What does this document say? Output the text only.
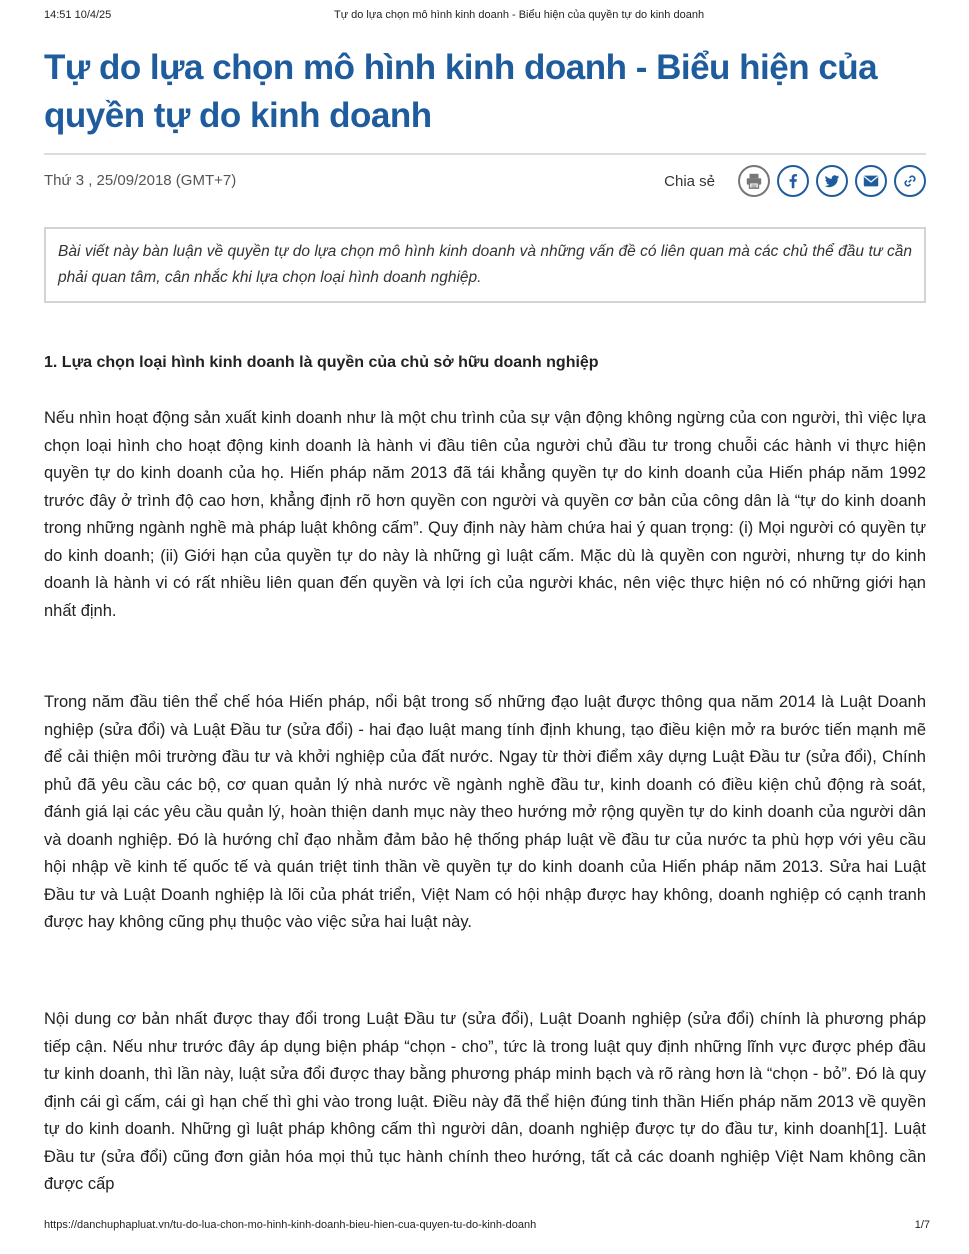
14:51 10/4/25	Tự do lựa chọn mô hình kinh doanh - Biểu hiện của quyền tự do kinh doanh
Tự do lựa chọn mô hình kinh doanh - Biểu hiện của quyền tự do kinh doanh
Thứ 3 , 25/09/2018 (GMT+7)	Chia sẻ
Bài viết này bàn luận về quyền tự do lựa chọn mô hình kinh doanh và những vấn đề có liên quan mà các chủ thể đầu tư cần phải quan tâm, cân nhắc khi lựa chọn loại hình doanh nghiệp.
1. Lựa chọn loại hình kinh doanh là quyền của chủ sở hữu doanh nghiệp

Nếu nhìn hoạt động sản xuất kinh doanh như là một chu trình của sự vận động không ngừng của con người, thì việc lựa chọn loại hình cho hoạt động kinh doanh là hành vi đầu tiên của người chủ đầu tư trong chuỗi các hành vi thực hiện quyền tự do kinh doanh của họ. Hiến pháp năm 2013 đã tái khẳng quyền tự do kinh doanh của Hiến pháp năm 1992 trước đây ở trình độ cao hơn, khẳng định rõ hơn quyền con người và quyền cơ bản của công dân là “tự do kinh doanh trong những ngành nghề mà pháp luật không cấm”. Quy định này hàm chứa hai ý quan trọng: (i) Mọi người có quyền tự do kinh doanh; (ii) Giới hạn của quyền tự do này là những gì luật cấm. Mặc dù là quyền con người, nhưng tự do kinh doanh là hành vi có rất nhiều liên quan đến quyền và lợi ích của người khác, nên việc thực hiện nó có những giới hạn nhất định.

Trong năm đầu tiên thể chế hóa Hiến pháp, nổi bật trong số những đạo luật được thông qua năm 2014 là Luật Doanh nghiệp (sửa đổi) và Luật Đầu tư (sửa đổi) - hai đạo luật mang tính định khung, tạo điều kiện mở ra bước tiến mạnh mẽ để cải thiện môi trường đầu tư và khởi nghiệp của đất nước. Ngay từ thời điểm xây dựng Luật Đầu tư (sửa đổi), Chính phủ đã yêu cầu các bộ, cơ quan quản lý nhà nước về ngành nghề đầu tư, kinh doanh có điều kiện chủ động rà soát, đánh giá lại các yêu cầu quản lý, hoàn thiện danh mục này theo hướng mở rộng quyền tự do kinh doanh của người dân và doanh nghiệp. Đó là hướng chỉ đạo nhằm đảm bảo hệ thống pháp luật về đầu tư của nước ta phù hợp với yêu cầu hội nhập về kinh tế quốc tế và quán triệt tinh thần về quyền tự do kinh doanh của Hiến pháp năm 2013. Sửa hai Luật Đầu tư và Luật Doanh nghiệp là lõi của phát triển, Việt Nam có hội nhập được hay không, doanh nghiệp có cạnh tranh được hay không cũng phụ thuộc vào việc sửa hai luật này.

Nội dung cơ bản nhất được thay đổi trong Luật Đầu tư (sửa đổi), Luật Doanh nghiệp (sửa đổi) chính là phương pháp tiếp cận. Nếu như trước đây áp dụng biện pháp “chọn - cho”, tức là trong luật quy định những lĩnh vực được phép đầu tư kinh doanh, thì lần này, luật sửa đổi được thay bằng phương pháp minh bạch và rõ ràng hơn là “chọn - bỏ”. Đó là quy định cái gì cấm, cái gì hạn chế thì ghi vào trong luật. Điều này đã thể hiện đúng tinh thần Hiến pháp năm 2013 về quyền tự do kinh doanh. Những gì luật pháp không cấm thì người dân, doanh nghiệp được tự do đầu tư, kinh doanh[1]. Luật Đầu tư (sửa đổi) cũng đơn giản hóa mọi thủ tục hành chính theo hướng, tất cả các doanh nghiệp Việt Nam không cần được cấp

https://danchuphapluat.vn/tu-do-lua-chon-mo-hinh-kinh-doanh-bieu-hien-cua-quyen-tu-do-kinh-doanh	1/7
